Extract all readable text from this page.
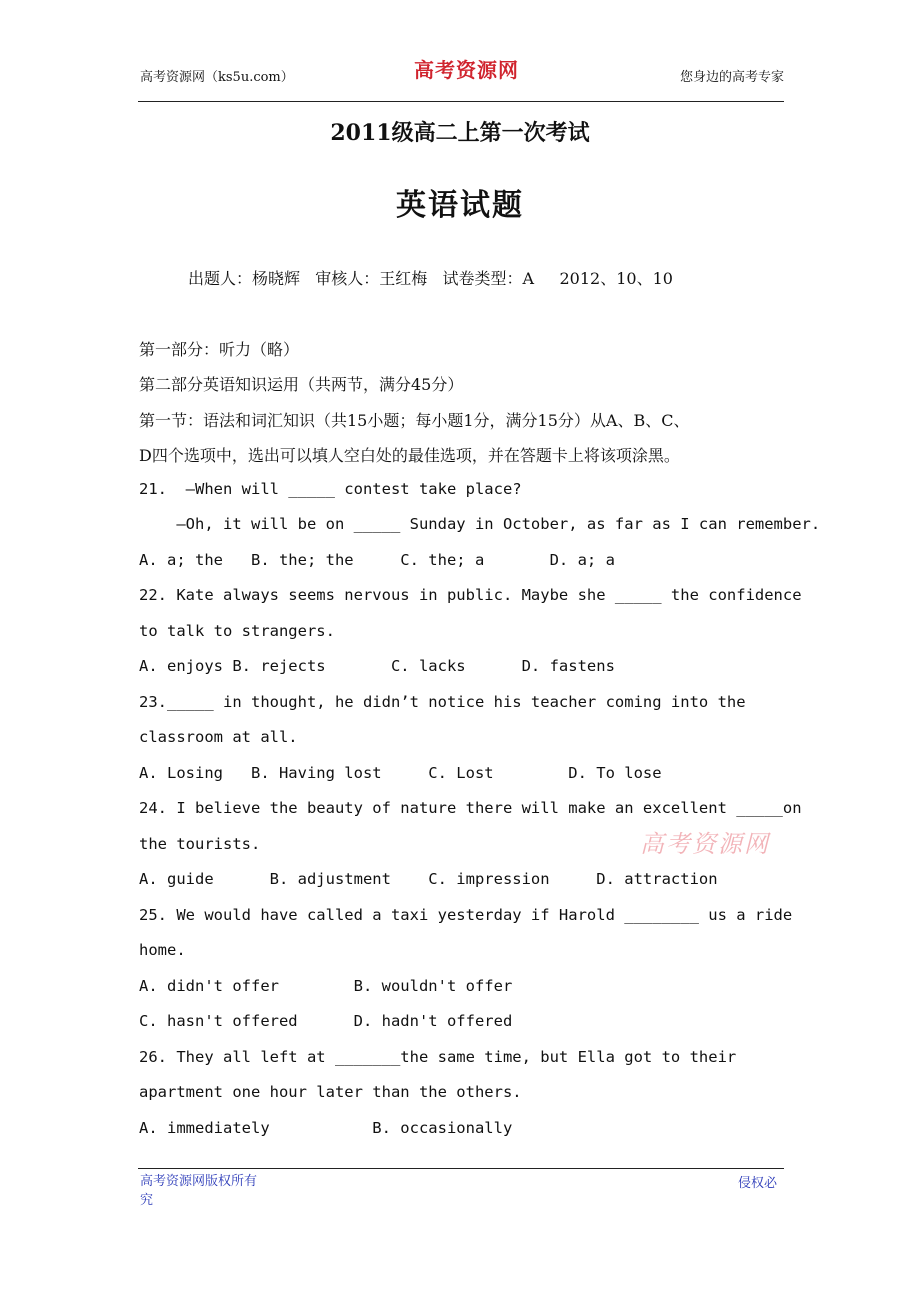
高考资源网（ks5u.com）	高考资源网	您身边的高考专家
2011级高二上第一次考试
英语试题
出题人：杨晓辉   审核人：王红梅   试卷类型：A     2012、10、10
第一部分：听力（略）
第二部分英语知识运用（共两节，满分45分）
第一节：语法和词汇知识（共15小题；每小题1分，满分15分）从A、B、C、
D四个选项中，选出可以填人空白处的最佳选项，并在答题卡上将该项涂黑。
21.  —When will _____ contest take place?
—Oh, it will be on _____ Sunday in October, as far as I can remember.
A. a; the   B. the; the     C. the; a       D. a; a
22. Kate always seems nervous in public. Maybe she _____ the confidence
to talk to strangers.
A. enjoys B. rejects       C. lacks      D. fastens
23._____ in thought, he didn’t notice his teacher coming into the
classroom at all.
A. Losing   B. Having lost     C. Lost        D. To lose
24. I believe the beauty of nature there will make an excellent _____on
the tourists.	高考资源网
A. guide      B. adjustment    C. impression     D. attraction
25. We would have called a taxi yesterday if Harold ________ us a ride
home.
A. didn't offer        B. wouldn't offer
C. hasn't offered      D. hadn't offered
26. They all left at _______the same time, but Ella got to their
apartment one hour later than the others.
A. immediately           B. occasionally
高考资源网版权所有
究
侵权必
